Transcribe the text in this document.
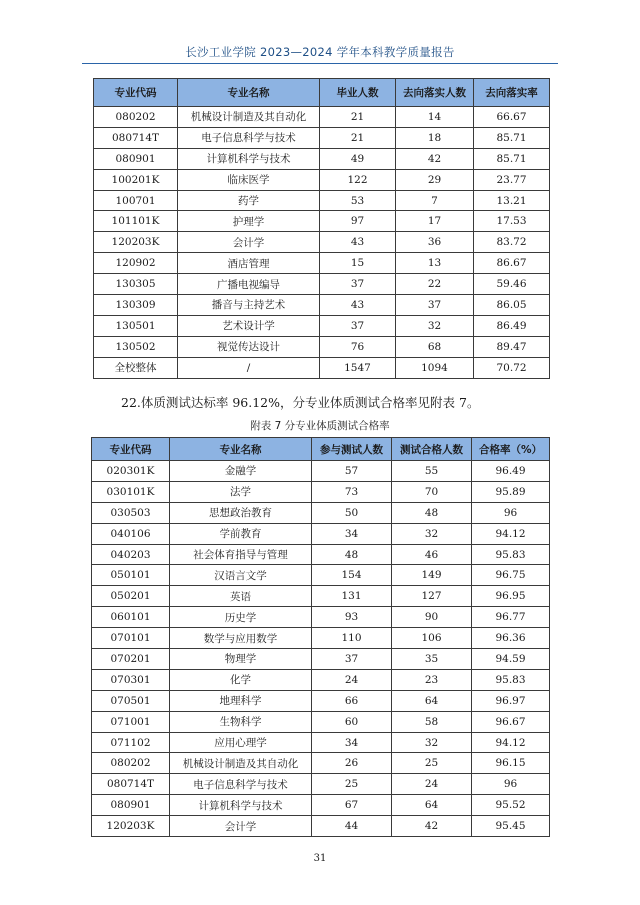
长沙工业学院 2023—2024 学年本科教学质量报告
专业代码	专业名称	毕业人数	去向落实人数	去向落实率
080202	机械设计制造及其自动化	21	14	66.67
080714T	电子信息科学与技术	21	18	85.71
080901	计算机科学与技术	49	42	85.71
100201K	临床医学	122	29	23.77
100701	药学	53	7	13.21
101101K	护理学	97	17	17.53
120203K	会计学	43	36	83.72
120902	酒店管理	15	13	86.67
130305	广播电视编导	37	22	59.46
130309	播音与主持艺术	43	37	86.05
130501	艺术设计学	37	32	86.49
130502	视觉传达设计	76	68	89.47
全校整体	/	1547	1094	70.72
22.体质测试达标率 96.12%，分专业体质测试合格率见附表 7。
附表 7 分专业体质测试合格率
专业代码	专业名称	参与测试人数	测试合格人数	合格率（%）
020301K	金融学	57	55	96.49
030101K	法学	73	70	95.89
030503	思想政治教育	50	48	96
040106	学前教育	34	32	94.12
040203	社会体育指导与管理	48	46	95.83
050101	汉语言文学	154	149	96.75
050201	英语	131	127	96.95
060101	历史学	93	90	96.77
070101	数学与应用数学	110	106	96.36
070201	物理学	37	35	94.59
070301	化学	24	23	95.83
070501	地理科学	66	64	96.97
071001	生物科学	60	58	96.67
071102	应用心理学	34	32	94.12
080202	机械设计制造及其自动化	26	25	96.15
080714T	电子信息科学与技术	25	24	96
080901	计算机科学与技术	67	64	95.52
120203K	会计学	44	42	95.45
31
